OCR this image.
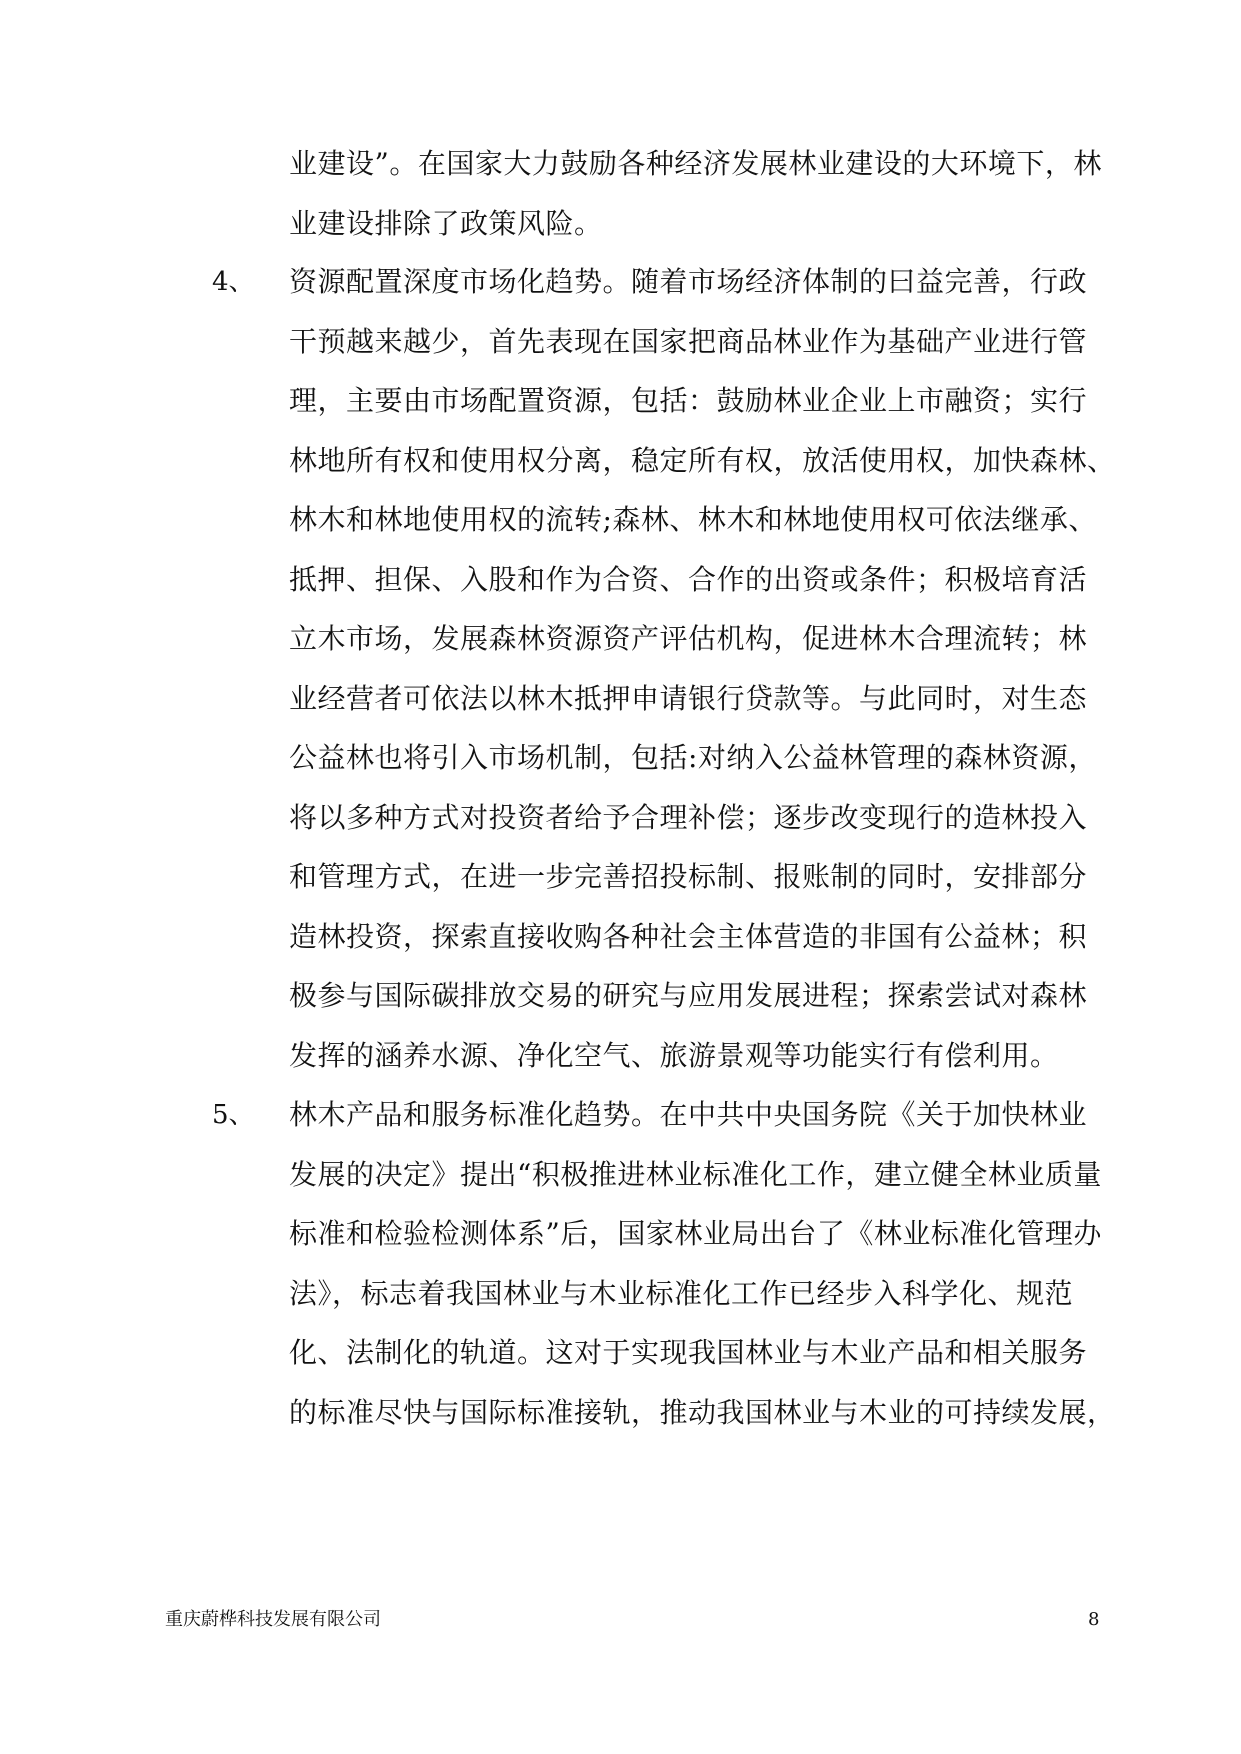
业建设”。在国家大力鼓励各种经济发展林业建设的大环境下，林
业建设排除了政策风险。
4、 资源配置深度市场化趋势。随着市场经济体制的曰益完善，行政
干预越来越少，首先表现在国家把商品林业作为基础产业进行管
理，主要由市场配置资源，包括：鼓励林业企业上市融资；实行
林地所有权和使用权分离，稳定所有权，放活使用权，加快森林、
林木和林地使用权的流转;森林、林木和林地使用权可依法继承、
抵押、担保、入股和作为合资、合作的出资或条件；积极培育活
立木市场，发展森林资源资产评估机构，促进林木合理流转；林
业经营者可依法以林木抵押申请银行贷款等。与此同时，对生态
公益林也将引入市场机制，包括:对纳入公益林管理的森林资源，
将以多种方式对投资者给予合理补偿；逐步改变现行的造林投入
和管理方式，在进一步完善招投标制、报账制的同时，安排部分
造林投资，探索直接收购各种社会主体营造的非国有公益林；积
极参与国际碳排放交易的研究与应用发展进程；探索尝试对森林
发挥的涵养水源、净化空气、旅游景观等功能实行有偿利用。
5、 林木产品和服务标准化趋势。在中共中央国务院《关于加快林业
发展的决定》提出“积极推进林业标准化工作，建立健全林业质量
标准和检验检测体系”后，国家林业局出台了《林业标准化管理办
法》，标志着我国林业与木业标准化工作已经步入科学化、规范
化、法制化的轨道。这对于实现我国林业与木业产品和相关服务
的标准尽快与国际标准接轨，推动我国林业与木业的可持续发展，
重庆蔚桦科技发展有限公司	8
